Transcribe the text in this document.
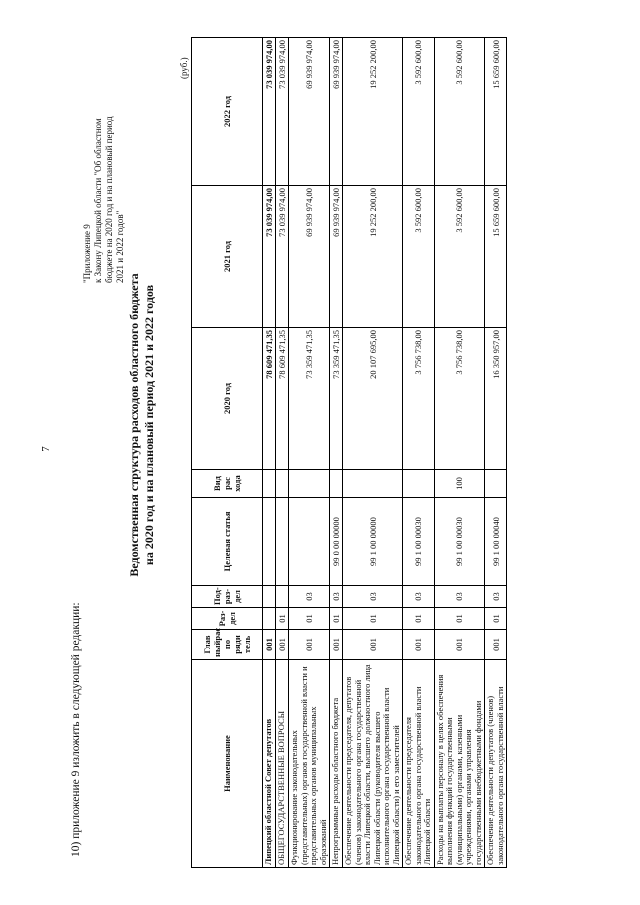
7
10) приложение 9 изложить в следующей редакции:
"Приложение 9 к Закону Липецкой области "Об областном бюджете на 2020 год и на плановый период 2021 и 2022 годов"
Ведомственная структура расходов областного бюджета на 2020 год и на плановый период 2021 и 2022 годов
(руб.)
Наименование	Глав ныйрас по ряди тель	Раз- дел	Под- раз- дел	Целевая статья	Вид рас хода	2020 год	2021 год	2022 год
Липецкий областной Совет депутатов	001					78 609 471,35	73 039 974,00	73 039 974,00
ОБЩЕГОСУДАРСТВЕННЫЕ ВОПРОСЫ	001	01				78 609 471,35	73 039 974,00	73 039 974,00
Функционирование законодательных (представительных) органов государственной власти и представительных органов муниципальных образований	001	01	03			73 359 471,35	69 939 974,00	69 939 974,00
Непрограммные расходы областного бюджета	001	01	03	99 0 00 00000		73 359 471,35	69 939 974,00	69 939 974,00
Обеспечение деятельности председателя, депутатов (членов) законодательного органа государственной власти Липецкой области, высшего должностного лица Липецкой области (руководителя высшего исполнительного органа государственной власти Липецкой области) и его заместителей	001	01	03	99 1 00 00000		20 107 695,00	19 252 200,00	19 252 200,00
Обеспечение деятельности председателя законодательного органа государственной власти Липецкой области	001	01	03	99 1 00 00030		3 756 738,00	3 592 600,00	3 592 600,00
Расходы на выплаты персоналу в целях обеспечения выполнения функций государственными (муниципальными) органами, казенными учреждениями, органами управления государственными внебюджетными фондами	001	01	03	99 1 00 00030	100	3 756 738,00	3 592 600,00	3 592 600,00
Обеспечение деятельности депутатов (членов) законодательного органа государственной власти	001	01	03	99 1 00 00040		16 350 957,00	15 659 600,00	15 659 600,00
